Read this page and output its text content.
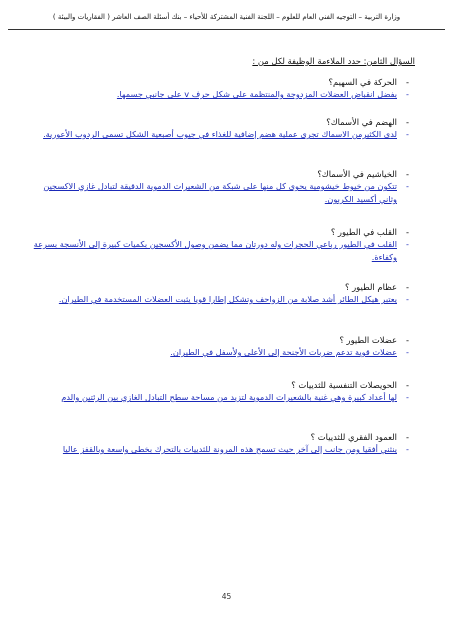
وزارة التربية – التوجيه الفني العام للعلوم – اللجنة الفنية المشتركة للأحياء – بنك أسئلة الصف العاشر ( الفقاريات والبيئة )
السؤال الثامن: حدد الملاءمة الوظيفة لكل من :
- الحركة في السهيم؟
- بفضل انقباض العضلات المزدوجة والمنتظمة على شكل حرف v على جانبي جسمها.
- الهضم في الأسماك؟
- لدى الكثيرمن الاسماك تجرى عملية هضم إضافية للغذاء في جيوب أصبعية الشكل تسمى الردوب الأعورية.
- الخياشيم في الأسماك؟
- تتكون من خيوط خيشومية يحوى كل منها على شبكة من الشعيرات الدموية الدقيقة لتبادل غازي الاكسجين وثاني أكسيد الكربون.
- القلب في الطيور ؟
- القلب في الطيور رباعي الحجرات وله دورتان مما يضمن وصول الأكسجين بكميات كبيرة إلى الأنسجة بسرعة وكفاءة.
- عظام الطيور ؟
- يعتبر هيكل الطائر أشد صلابة من الزواحف وتشكل إطارا قويا يثبت العضلات المستخدمة في الطيران.
- عضلات الطيور ؟
- عضلات قوية تدعم ضربات الأجنحة إلى الأعلى ولأسفل في الطيران.
- الحويصلات التنفسية للثدييات ؟
- لها أعداد كبيرة وهي غنية بالشعيرات الدموية لتزيد من مساحة سطح التبادل الغازي بين الرئتين والدم
- العمود الفقري للثدييات ؟
- ينثني أفقيا ومن جانب إلى آخر حيث تسمح هذه المرونة للثدييات بالتحرك بخطى واسعة وبالقفز عاليا
45
